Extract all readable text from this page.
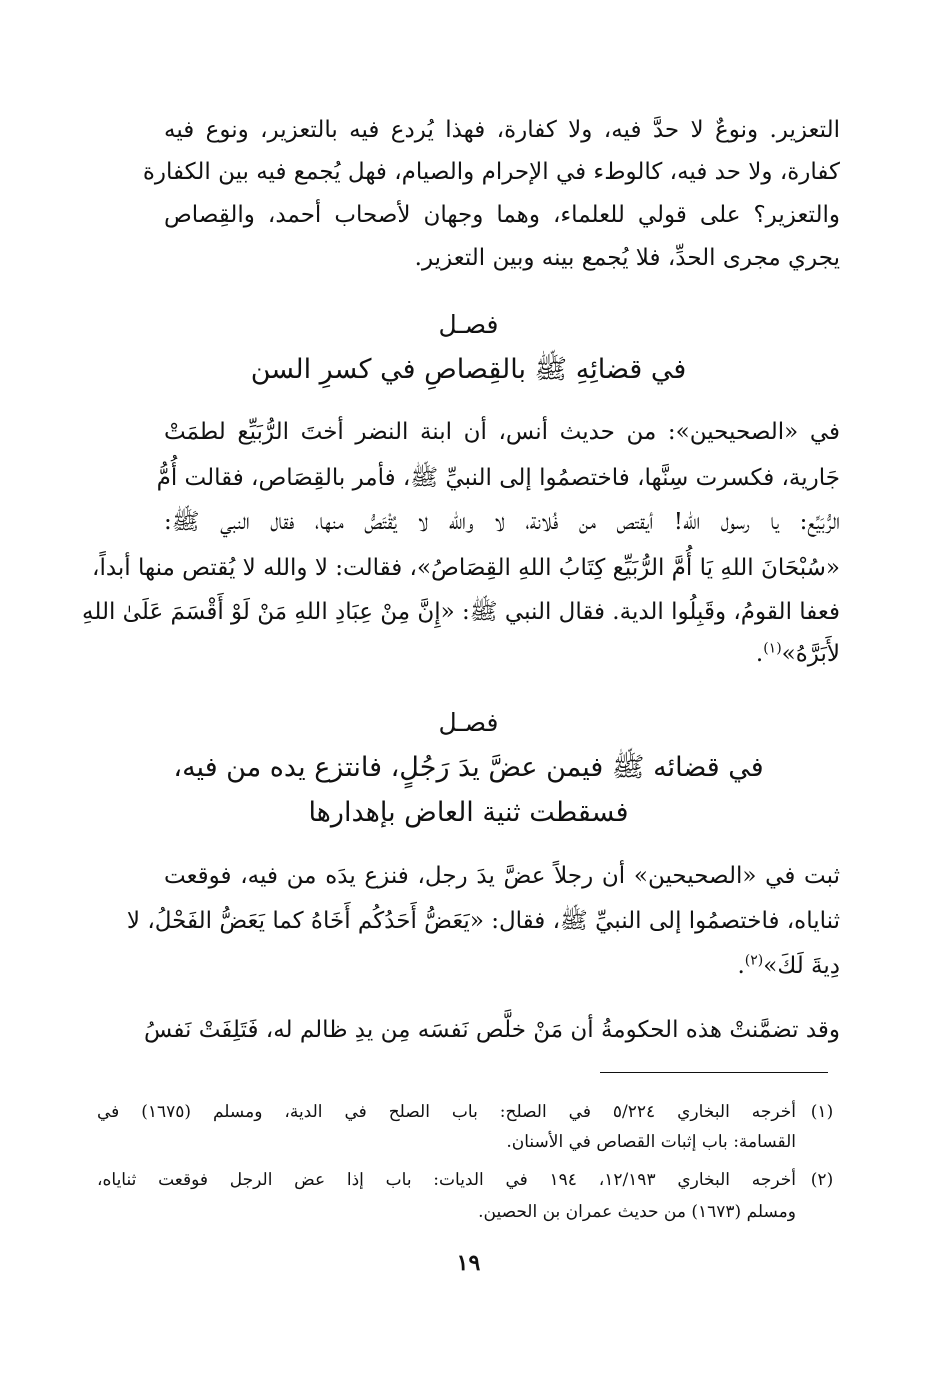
التعزير. ونوعٌ لا حدَّ فيه، ولا كفارة، فهذا يُردع فيه بالتعزير، ونوع فيه
كفارة، ولا حد فيه، كالوطء في الإحرام والصيام، فهل يُجمع فيه بين الكفارة
والتعزير؟ على قولي للعلماء، وهما وجهان لأصحاب أحمد، والقِصاص
يجري مجرى الحدِّ، فلا يُجمع بينه وبين التعزير.
فصـل
في قضائِهِ ﷺ بالقِصاصِ في كسرِ السن
في «الصحيحين»: من حديث أنس، أن ابنة النضر أختَ الرُّبَيِّع لطمَتْ
جَارية، فكسرت سِنَّها، فاختصمُوا إلى النبيِّ ﷺ، فأمر بالقِصَاص، فقالت أُمُّ
الرُّبَيِّع: يا رسول الله! أيقتص من فُلانة، لا والله لا يُقْتَصُّ منها، فقال النبي ﷺ:
«سُبْحَانَ اللهِ يَا أُمَّ الرُّبَيِّع كِتَابُ اللهِ القِصَاصُ»، فقالت: لا والله لا يُقتص منها أبداً،
فعفا القومُ، وقَبِلُوا الدية. فقال النبي ﷺ: «إِنَّ مِنْ عِبَادِ اللهِ مَنْ لَوْ أَقْسَمَ عَلَىٰ اللهِ
لأَبَرَّهُ»$^{(١)}$.
فصـل
في قضائه ﷺ فيمن عضَّ يدَ رَجُلٍ، فانتزع يده من فيه،
فسقطت ثنية العاض بإهدارها
ثبت في «الصحيحين» أن رجلاً عضَّ يدَ رجل، فنزع يدَه من فيه، فوقعت
ثناياه، فاختصمُوا إلى النبيِّ ﷺ، فقال: «يَعَضُّ أَحَدُكُم أَخَاهُ كما يَعَضُّ الفَحْلُ، لا
دِيةَ لَكَ»$^{(٢)}$.
وقد تضمَّنتْ هذه الحكومةُ أن مَنْ خلَّص نَفسَه مِن يدِ ظالم له، فَتَلِفَتْ نَفسُ
(١)
أخرجه البخاري ٥/٢٢٤ في الصلح: باب الصلح في الدية، ومسلم (١٦٧٥) في
القسامة: باب إثبات القصاص في الأسنان.
(٢)
أخرجه البخاري ١٢/١٩٣، ١٩٤ في الديات: باب إذا عض الرجل فوقعت ثناياه،
ومسلم (١٦٧٣) من حديث عمران بن الحصين.
١٩
